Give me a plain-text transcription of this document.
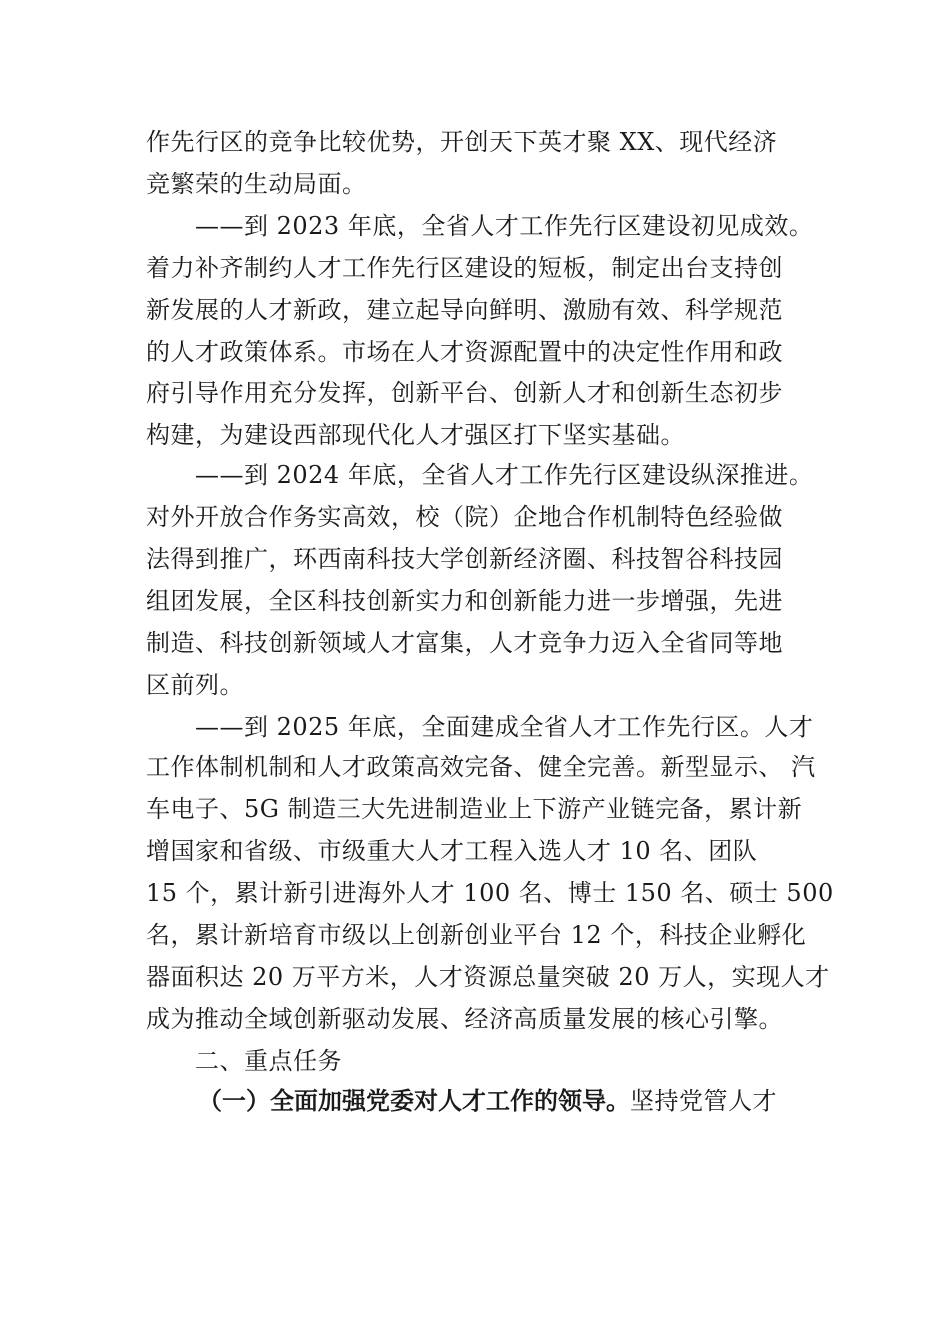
作先行区的竞争比较优势，开创天下英才聚 XX、现代经济
竞繁荣的生动局面。
——到 2023 年底，全省人才工作先行区建设初见成效。
着力补齐制约人才工作先行区建设的短板，制定出台支持创
新发展的人才新政，建立起导向鲜明、激励有效、科学规范
的人才政策体系。市场在人才资源配置中的决定性作用和政
府引导作用充分发挥，创新平台、创新人才和创新生态初步
构建，为建设西部现代化人才强区打下坚实基础。
——到 2024 年底，全省人才工作先行区建设纵深推进。
对外开放合作务实高效，校（院）企地合作机制特色经验做
法得到推广，环西南科技大学创新经济圈、科技智谷科技园
组团发展，全区科技创新实力和创新能力进一步增强，先进
制造、科技创新领域人才富集，人才竞争力迈入全省同等地
区前列。
——到 2025 年底，全面建成全省人才工作先行区。人才
工作体制机制和人才政策高效完备、健全完善。新型显示、 汽
车电子、5G 制造三大先进制造业上下游产业链完备，累计新
增国家和省级、市级重大人才工程入选人才 10 名、团队
15 个，累计新引进海外人才 100 名、博士 150 名、硕士 500
名，累计新培育市级以上创新创业平台 12 个，科技企业孵化
器面积达 20 万平方米，人才资源总量突破 20 万人，实现人才
成为推动全域创新驱动发展、经济高质量发展的核心引擎。
二、重点任务
（一）全面加强党委对人才工作的领导。坚持党管人才
